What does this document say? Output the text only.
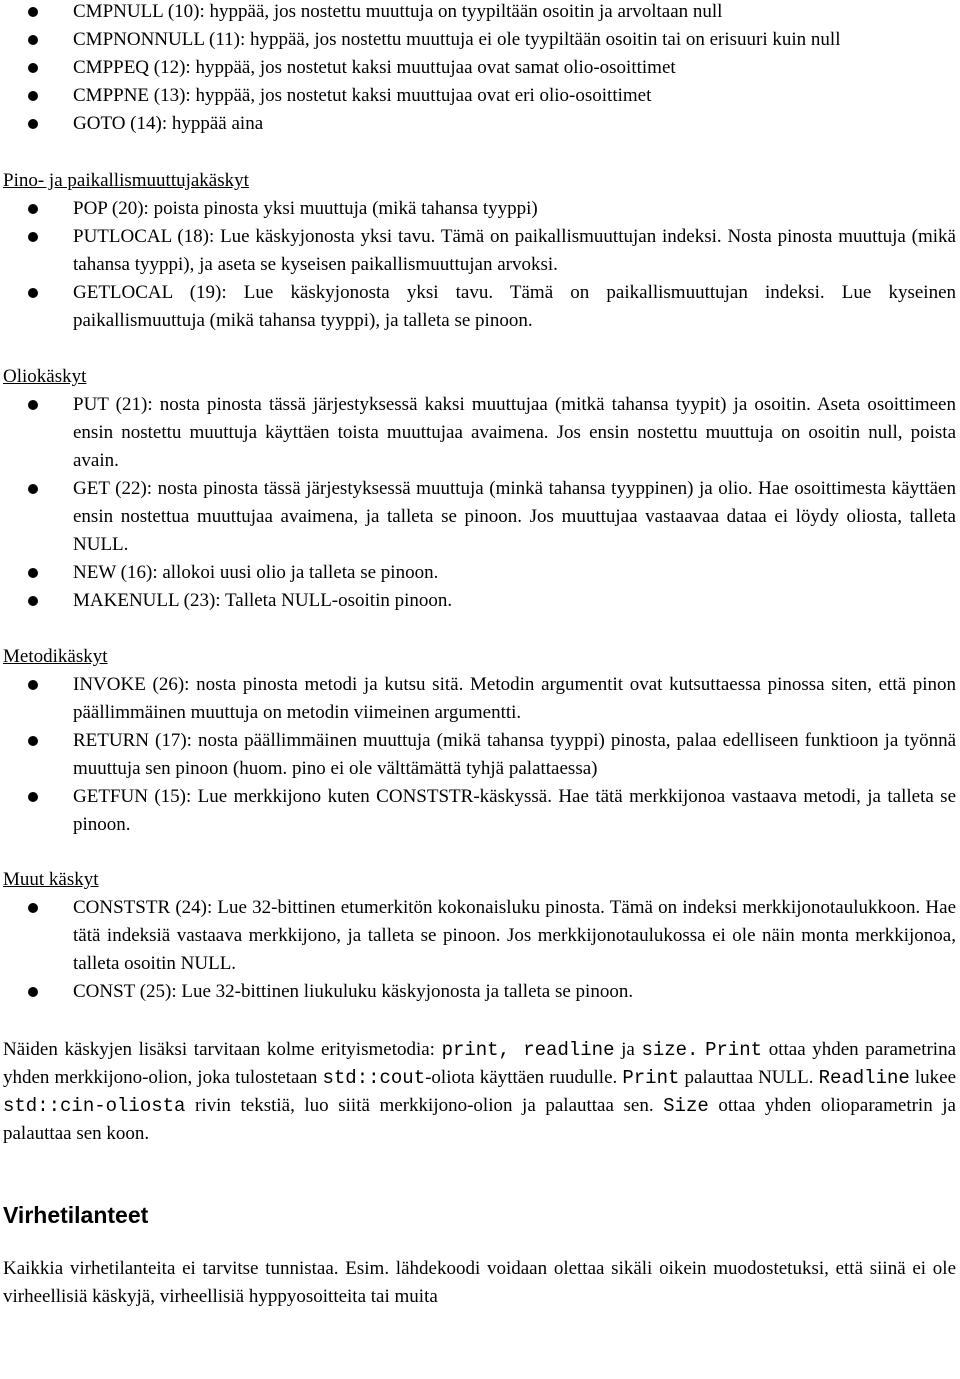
CMPNULL (10): hyppää, jos nostettu muuttuja on tyypiltään osoitin ja arvoltaan null
CMPNONNULL (11): hyppää, jos nostettu muuttuja ei ole tyypiltään osoitin tai on erisuuri kuin null
CMPPEQ (12): hyppää, jos nostetut kaksi muuttujaa ovat samat olio-osoittimet
CMPPNE (13): hyppää, jos nostetut kaksi muuttujaa ovat eri olio-osoittimet
GOTO (14): hyppää aina

Pino- ja paikallismuuttujakäskyt

POP (20): poista pinosta yksi muuttuja (mikä tahansa tyyppi)
PUTLOCAL (18): Lue käskyjonosta yksi tavu. Tämä on paikallismuuttujan indeksi. Nosta pinosta muuttuja (mikä tahansa tyyppi), ja aseta se kyseisen paikallismuuttujan arvoksi.
GETLOCAL (19): Lue käskyjonosta yksi tavu. Tämä on paikallismuuttujan indeksi. Lue kyseinen paikallismuuttuja (mikä tahansa tyyppi), ja talleta se pinoon.

Oliokäskyt

PUT (21): nosta pinosta tässä järjestyksessä kaksi muuttujaa (mitkä tahansa tyypit) ja osoitin. Aseta osoittimeen ensin nostettu muuttuja käyttäen toista muuttujaa avaimena. Jos ensin nostettu muuttuja on osoitin null, poista avain.
GET (22): nosta pinosta tässä järjestyksessä muuttuja (minkä tahansa tyyppinen) ja olio. Hae osoittimesta käyttäen ensin nostettua muuttujaa avaimena, ja talleta se pinoon. Jos muuttujaa vastaavaa dataa ei löydy oliosta, talleta NULL.
NEW (16): allokoi uusi olio ja talleta se pinoon.
MAKENULL (23): Talleta NULL-osoitin pinoon.

Metodikäskyt

INVOKE (26): nosta pinosta metodi ja kutsu sitä. Metodin argumentit ovat kutsuttaessa pinossa siten, että pinon päällimmäinen muuttuja on metodin viimeinen argumentti.
RETURN (17): nosta päällimmäinen muuttuja (mikä tahansa tyyppi) pinosta, palaa edelliseen funktioon ja työnnä muuttuja sen pinoon (huom. pino ei ole välttämättä tyhjä palattaessa)
GETFUN (15): Lue merkkijono kuten CONSTSTR-käskyssä. Hae tätä merkkijonoa vastaava metodi, ja talleta se pinoon.

Muut käskyt

CONSTSTR (24): Lue 32-bittinen etumerkitön kokonaisluku pinosta. Tämä on indeksi merkkijonotaulukkoon. Hae tätä indeksiä vastaava merkkijono, ja talleta se pinoon. Jos merkkijonotaulukossa ei ole näin monta merkkijonoa, talleta osoitin NULL.
CONST (25): Lue 32-bittinen liukuluku käskyjonosta ja talleta se pinoon.

Näiden käskyjen lisäksi tarvitaan kolme erityismetodia: print, readline ja size. Print ottaa yhden parametrina yhden merkkijono-olion, joka tulostetaan std::cout-oliota käyttäen ruudulle. Print palauttaa NULL. Readline lukee std::cin-oliosta rivin tekstiä, luo siitä merkkijono-olion ja palauttaa sen. Size ottaa yhden olioparametrin ja palauttaa sen koon.

Virhetilanteet

Kaikkia virhetilanteita ei tarvitse tunnistaa. Esim. lähdekoodi voidaan olettaa sikäli oikein muodostetuksi, että siinä ei ole virheellisiä käskyjä, virheellisiä hyppyosoitteita tai muita
